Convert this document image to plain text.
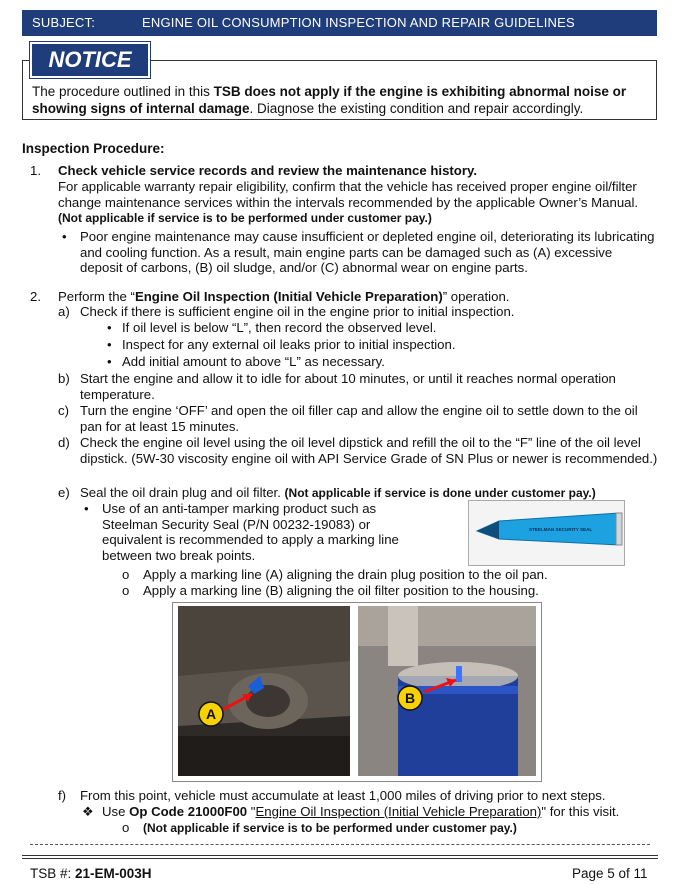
SUBJECT:	ENGINE OIL CONSUMPTION INSPECTION AND REPAIR GUIDELINES
NOTICE
The procedure outlined in this TSB does not apply if the engine is exhibiting abnormal noise or showing signs of internal damage. Diagnose the existing condition and repair accordingly.
Inspection Procedure:
1. Check vehicle service records and review the maintenance history.
For applicable warranty repair eligibility, confirm that the vehicle has received proper engine oil/filter change maintenance services within the intervals recommended by the applicable Owner’s Manual.  (Not applicable if service is to be performed under customer pay.)
• Poor engine maintenance may cause insufficient or depleted engine oil, deteriorating its lubricating and cooling function. As a result, main engine parts can be damaged such as (A) excessive deposit of carbons, (B) oil sludge, and/or (C) abnormal wear on engine parts.
2. Perform the “Engine Oil Inspection (Initial Vehicle Preparation)” operation.
a) Check if there is sufficient engine oil in the engine prior to initial inspection.
• If oil level is below “L”, then record the observed level.
• Inspect for any external oil leaks prior to initial inspection.
• Add initial amount to above “L” as necessary.
b) Start the engine and allow it to idle for about 10 minutes, or until it reaches normal operation temperature.
c) Turn the engine ‘OFF’ and open the oil filler cap and allow the engine oil to settle down to the oil pan for at least 15 minutes.
d) Check the engine oil level using the oil level dipstick and refill the oil to the “F” line of the oil level dipstick. (5W-30 viscosity engine oil with API Service Grade of SN Plus or newer is recommended.)
e) Seal the oil drain plug and oil filter. (Not applicable if service is done under customer pay.)
• Use of an anti-tamper marking product such as Steelman Security Seal (P/N 00232-19083) or equivalent is recommended to apply a marking line between two break points.
STEELMAN SECURITY SEAL
o Apply a marking line (A) aligning the drain plug position to the oil pan.
o Apply a marking line (B) aligning the oil filter position to the housing.
A
B
f) From this point, vehicle must accumulate at least 1,000 miles of driving prior to next steps.
❖ Use Op Code 21000F00 "Engine Oil Inspection (Initial Vehicle Preparation)" for this visit.
o (Not applicable if service is to be performed under customer pay.)
TSB #: 21-EM-003H	Page 5 of 11
